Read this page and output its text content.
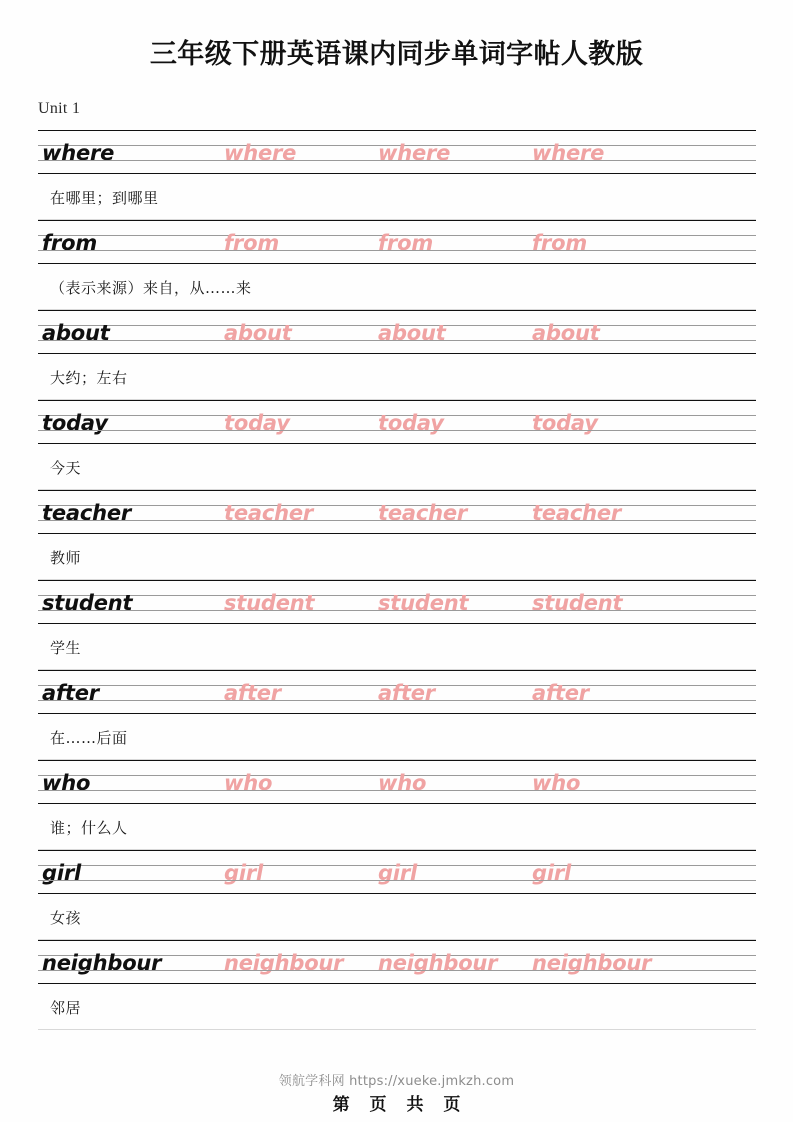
三年级下册英语课内同步单词字帖人教版
Unit 1
where	where	where	where
在哪里；到哪里
from	from	from	from
（表示来源）来自，从……来
about	about	about	about
大约；左右
today	today	today	today
今天
teacher	teacher	teacher	teacher
教师
student	student	student	student
学生
after	after	after	after
在……后面
who	who	who	who
谁；什么人
girl	girl	girl	girl
女孩
neighbour	neighbour neighbour neighbour
邻居
领航学科网 https://xueke.jmkzh.com
第 页 共 页
